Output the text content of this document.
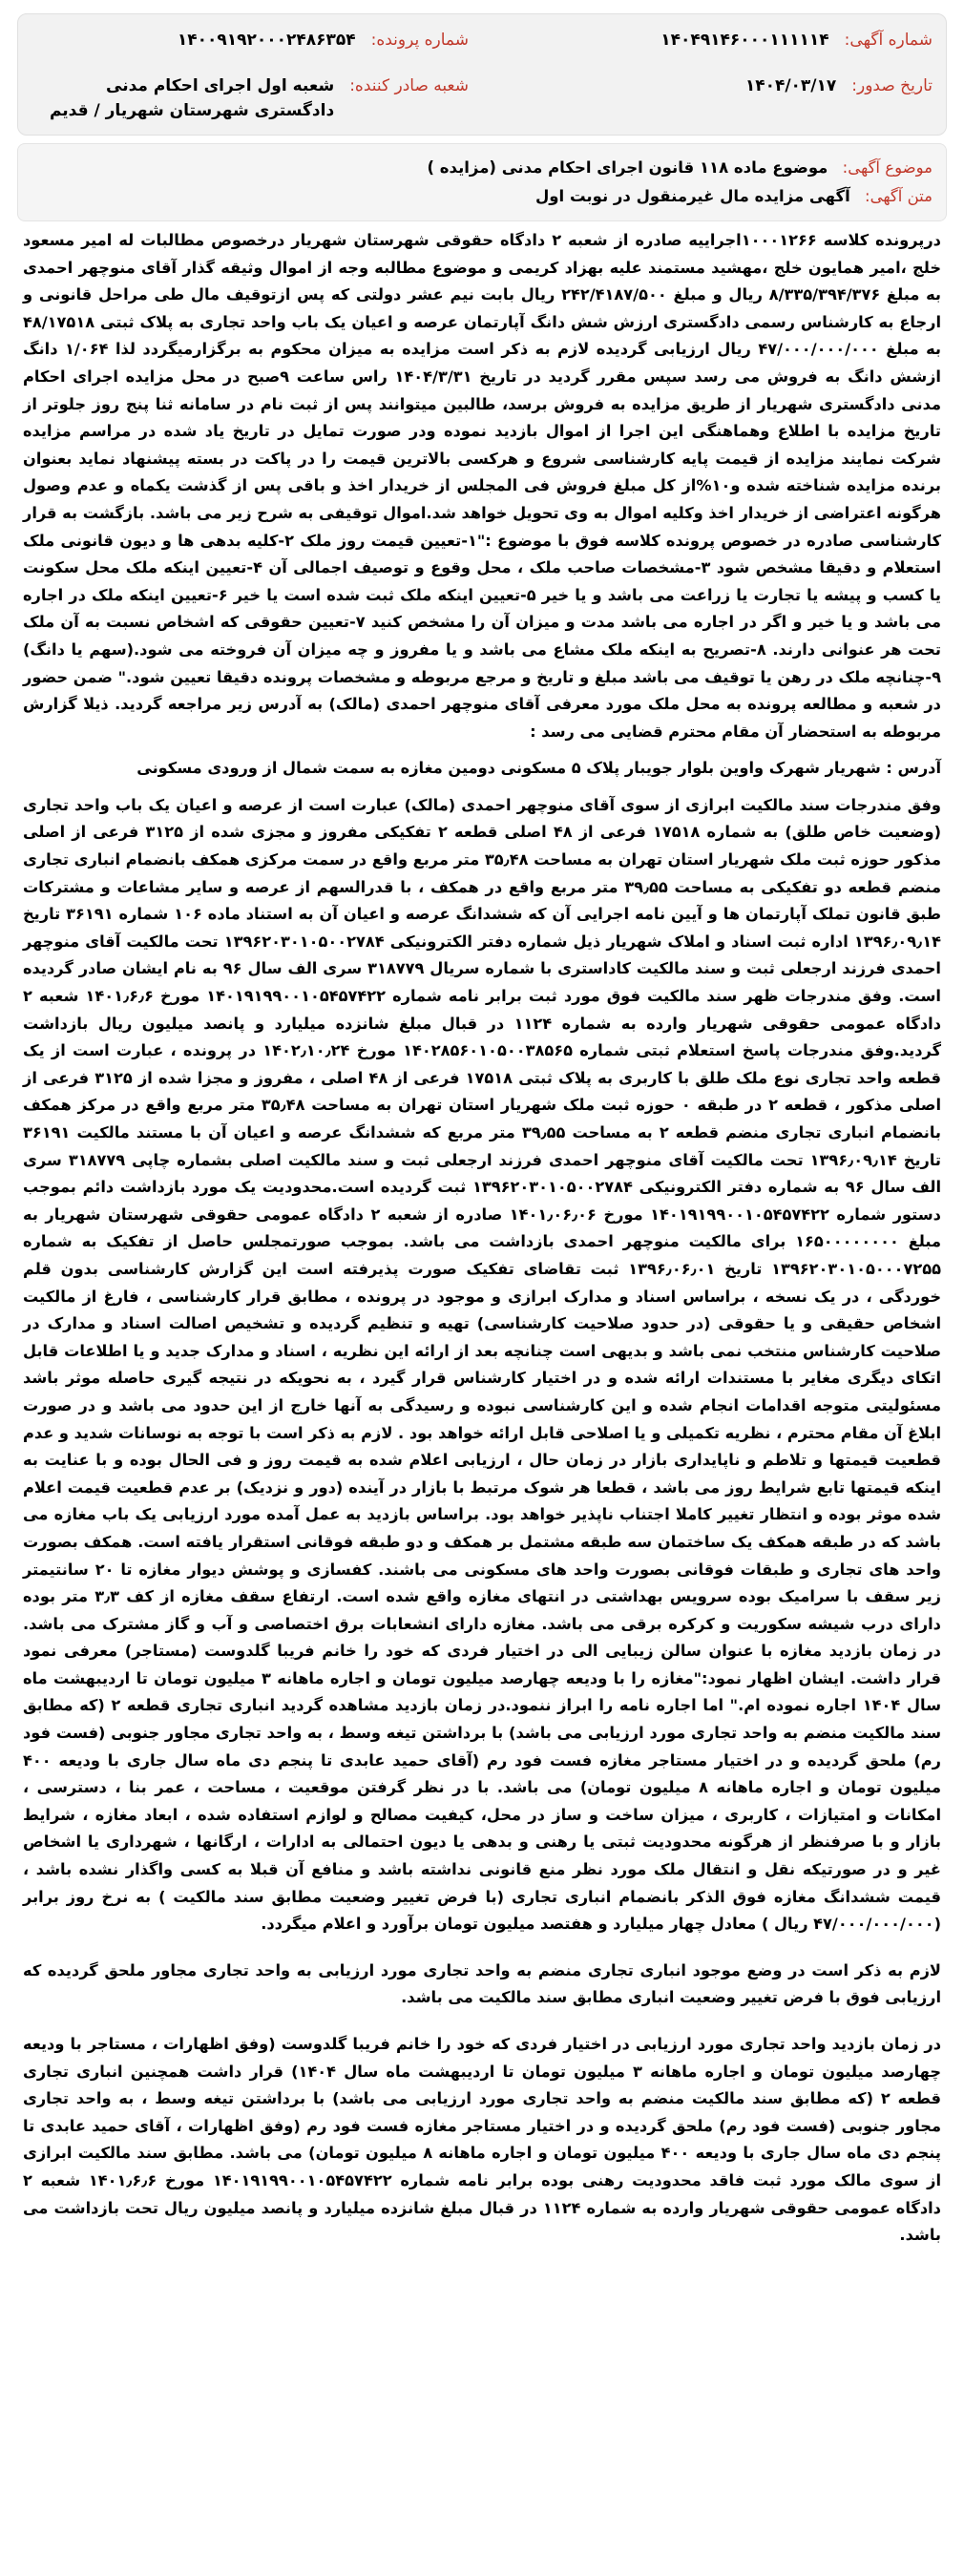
شماره آگهی:
۱۴۰۴۹۱۴۶۰۰۰۱۱۱۱۱۴
تاریخ صدور:
۱۴۰۴/۰۳/۱۷
شماره پرونده:
۱۴۰۰۹۱۹۲۰۰۰۲۴۸۶۳۵۴
شعبه صادر کننده:
شعبه اول اجرای احکام مدنی دادگستری شهرستان شهریار / قدیم
موضوع آگهی: موضوع ماده ۱۱۸ قانون اجرای احکام مدنی (مزایده )
متن آگهی: آگهی مزایده مال غیرمنقول در نوبت اول

درپرونده کلاسه ۱۰۰۰۱۲۶۶اجراییه صادره از شعبه ۲ دادگاه حقوقی شهرستان شهریار درخصوص مطالبات له امیر مسعود خلج ،امیر همایون خلج ،مهشید مستمند علیه بهزاد کریمی و موضوع مطالبه وجه از اموال وثیقه گذار آقای منوچهر احمدی به مبلغ ۸/۳۳۵/۳۹۴/۳۷۶ ریال و مبلغ ۲۴۲/۴۱۸۷/۵۰۰ ریال بابت نیم عشر دولتی که پس ازتوقیف مال طی مراحل قانونی و ارجاع به کارشناس رسمی دادگستری ارزش شش دانگ آپارتمان عرصه و اعیان یک باب واحد تجاری به پلاک ثبتی ۴۸/۱۷۵۱۸ به مبلغ ۴۷/۰۰۰/۰۰۰/۰۰۰ ریال ارزیابی گردیده لازم به ذکر است مزایده به میزان محکوم به برگزارمیگردد لذا ۱/۰۶۴ دانگ ازشش دانگ به فروش می رسد سپس مقرر گردید در تاریخ ۱۴۰۴/۳/۳۱ راس ساعت ۹صبح در محل مزایده اجرای احکام مدنی دادگستری شهریار از طریق مزایده به فروش برسد، طالبین میتوانند پس از ثبت نام در سامانه ثنا پنج روز جلوتر از تاریخ مزایده با اطلاع وهماهنگی این اجرا از اموال بازدید نموده ودر صورت تمایل در تاریخ یاد شده در مراسم مزایده شرکت نمایند مزایده از قیمت پایه کارشناسی شروع و هرکسی بالاترین قیمت را در پاکت در بسته پیشنهاد نماید بعنوان برنده مزایده شناخته شده و۱۰%از کل مبلغ فروش فی المجلس از خریدار اخذ و باقی پس از گذشت یکماه و عدم وصول هرگونه اعتراضی از خریدار اخذ وکلیه اموال به وی تحویل خواهد شد.اموال توقیفی به شرح زیر می باشد. بازگشت به قرار کارشناسی صادره در خصوص پرونده کلاسه فوق با موضوع :"۱-تعیین قیمت روز ملک ۲-کلیه بدهی ها و دیون قانونی ملک استعلام و دقیقا مشخص شود ۳-مشخصات صاحب ملک ، محل وقوع و توصیف اجمالی آن ۴-تعیین اینکه ملک محل سکونت یا کسب و پیشه یا تجارت یا زراعت می باشد و یا خیر ۵-تعیین اینکه ملک ثبت شده است یا خیر ۶-تعیین اینکه ملک در اجاره می باشد و یا خیر و اگر در اجاره می باشد مدت و میزان آن را مشخص کنید ۷-تعیین حقوقی که اشخاص نسبت به آن ملک تحت هر عنوانی دارند. ۸-تصریح به اینکه ملک مشاع می باشد و یا مفروز و چه میزان آن فروخته می شود.(سهم یا دانگ) ۹-چنانچه ملک در رهن یا توقیف می باشد مبلغ و تاریخ و مرجع مربوطه و مشخصات پرونده دقیقا تعیین شود." ضمن حضور در شعبه و مطالعه پرونده به محل ملک مورد معرفی آقای منوچهر احمدی (مالک) به آدرس زیر مراجعه گردید. ذیلا گزارش مربوطه به استحضار آن مقام محترم قضایی می رسد :

آدرس : شهریار شهرک واوین بلوار جویبار پلاک ۵ مسکونی دومین مغازه به سمت شمال از ورودی مسکونی

وفق مندرجات سند مالکیت ابرازی از سوی آقای منوچهر احمدی (مالک) عبارت است از عرصه و اعیان یک باب واحد تجاری (وضعیت خاص طلق) به شماره ۱۷۵۱۸ فرعی از ۴۸ اصلی قطعه ۲ تفکیکی مفروز و مجزی شده از ۳۱۲۵ فرعی از اصلی مذکور حوزه ثبت ملک شهریار استان تهران به مساحت ۳۵٫۴۸ متر مربع واقع در سمت مرکزی همکف بانضمام انباری تجاری منضم قطعه دو تفکیکی به مساحت ۳۹٫۵۵ متر مربع واقع در همکف ، با قدرالسهم از عرصه و سایر مشاعات و مشترکات طبق قانون تملک آپارتمان ها و آیین نامه اجرایی آن که ششدانگ عرصه و اعیان آن به استناد ماده ۱۰۶ شماره ۳۶۱۹۱ تاریخ ۱۳۹۶٫۰۹٫۱۴ اداره ثبت اسناد و املاک شهریار ذیل شماره دفتر الکترونیکی ۱۳۹۶۲۰۳۰۱۰۵۰۰۲۷۸۴ تحت مالکیت آقای منوچهر احمدی فرزند ارجعلی ثبت و سند مالکیت کاداستری با شماره سریال ۳۱۸۷۷۹ سری الف سال ۹۶ به نام ایشان صادر گردیده است. وفق مندرجات ظهر سند مالکیت فوق مورد ثبت برابر نامه شماره ۱۴۰۱۹۱۹۹۰۰۱۰۵۴۵۷۴۲۲ مورخ ۱۴۰۱٫۶٫۶ شعبه ۲ دادگاه عمومی حقوقی شهریار وارده به شماره ۱۱۲۴ در قبال مبلغ شانزده میلیارد و پانصد میلیون ریال بازداشت گردید.وفق مندرجات پاسخ استعلام ثبتی شماره ۱۴۰۲۸۵۶۰۱۰۵۰۰۳۸۵۶۵ مورخ ۱۴۰۲٫۱۰٫۲۴ در پرونده ، عبارت است از یک قطعه واحد تجاری نوع ملک طلق با کاربری به پلاک ثبتی ۱۷۵۱۸ فرعی از ۴۸ اصلی ، مفروز و مجزا شده از ۳۱۲۵ فرعی از اصلی مذکور ، قطعه ۲ در طبقه ۰ حوزه ثبت ملک شهریار استان تهران به مساحت ۳۵٫۴۸ متر مربع واقع در مرکز همکف بانضمام انباری تجاری منضم قطعه ۲ به مساحت ۳۹٫۵۵ متر مربع که ششدانگ عرصه و اعیان آن با مستند مالکیت ۳۶۱۹۱ تاریخ ۱۳۹۶٫۰۹٫۱۴ تحت مالکیت آقای منوچهر احمدی فرزند ارجعلی ثبت و سند مالکیت اصلی بشماره چاپی ۳۱۸۷۷۹ سری الف سال ۹۶ به شماره دفتر الکترونیکی ۱۳۹۶۲۰۳۰۱۰۵۰۰۲۷۸۴ ثبت گردیده است.محدودیت یک مورد بازداشت دائم بموجب دستور شماره ۱۴۰۱۹۱۹۹۰۰۱۰۵۴۵۷۴۲۲ مورخ ۱۴۰۱٫۰۶٫۰۶ صادره از شعبه ۲ دادگاه عمومی حقوقی شهرستان شهریار به مبلغ ۱۶۵۰۰۰۰۰۰۰۰ برای مالکیت منوچهر احمدی بازداشت می باشد. بموجب صورتمجلس حاصل از تفکیک به شماره ۱۳۹۶۲۰۳۰۱۰۵۰۰۰۷۲۵۵ تاریخ ۱۳۹۶٫۰۶٫۰۱ ثبت تقاضای تفکیک صورت پذیرفته است این گزارش کارشناسی بدون قلم خوردگی ، در یک نسخه ، براساس اسناد و مدارک ابرازی و موجود در پرونده ، مطابق قرار کارشناسی ، فارغ از مالکیت اشخاص حقیقی و یا حقوقی (در حدود صلاحیت کارشناسی) تهیه و تنظیم گردیده و تشخیص اصالت اسناد و مدارک در صلاحیت کارشناس منتخب نمی باشد و بدیهی است چنانچه بعد از ارائه این نظریه ، اسناد و مدارک جدید و یا اطلاعات قابل اتکای دیگری مغایر با مستندات ارائه شده و در اختیار کارشناس قرار گیرد ، به نحویکه در نتیجه گیری حاصله موثر باشد مسئولیتی متوجه اقدامات انجام شده و این کارشناسی نبوده و رسیدگی به آنها خارج از این حدود می باشد و در صورت ابلاغ آن مقام محترم ، نظریه تکمیلی و یا اصلاحی قابل ارائه خواهد بود . لازم به ذکر است با توجه به نوسانات شدید و عدم قطعیت قیمتها و تلاطم و ناپایداری بازار در زمان حال ، ارزیابی اعلام شده به قیمت روز و فی الحال بوده و با عنایت به اینکه قیمتها تابع شرایط روز می باشد ، قطعا هر شوک مرتبط با بازار در آینده (دور و نزدیک) بر عدم قطعیت قیمت اعلام شده موثر بوده و انتظار تغییر کاملا اجتناب ناپذیر خواهد بود. براساس بازدید به عمل آمده مورد ارزیابی یک باب مغازه می باشد که در طبقه همکف یک ساختمان سه طبقه مشتمل بر همکف و دو طبقه فوقانی استقرار یافته است. همکف بصورت واحد های تجاری و طبقات فوقانی بصورت واحد های مسکونی می باشند. کفسازی و پوشش دیوار مغازه تا ۲۰ سانتیمتر زیر سقف با سرامیک بوده سرویس بهداشتی در انتهای مغازه واقع شده است. ارتفاع سقف مغازه از کف ۳٫۳ متر بوده دارای درب شیشه سکوریت و کرکره برقی می باشد. مغازه دارای انشعابات برق اختصاصی و آب و گاز مشترک می باشد. در زمان بازدید مغازه با عنوان سالن زیبایی الی در اختیار فردی که خود را خانم فریبا گلدوست (مستاجر) معرفی نمود قرار داشت. ایشان اظهار نمود:"مغازه را با ودیعه چهارصد میلیون تومان و اجاره ماهانه ۳ میلیون تومان تا اردیبهشت ماه سال ۱۴۰۴ اجاره نموده ام." اما اجاره نامه را ابراز ننمود.در زمان بازدید مشاهده گردید انباری تجاری قطعه ۲ (که مطابق سند مالکیت منضم به واحد تجاری مورد ارزیابی می باشد) با برداشتن تیغه وسط ، به واحد تجاری مجاور جنوبی (فست فود رم) ملحق گردیده و در اختیار مستاجر مغازه فست فود رم (آقای حمید عابدی تا پنجم دی ماه سال جاری با ودیعه ۴۰۰ میلیون تومان و اجاره ماهانه ۸ میلیون تومان) می باشد. با در نظر گرفتن موقعیت ، مساحت ، عمر بنا ، دسترسی ، امکانات و امتیازات ، کاربری ، میزان ساخت و ساز در محل، کیفیت مصالح و لوازم استفاده شده ، ابعاد مغازه ، شرایط بازار و با صرفنظر از هرگونه محدودیت ثبتی یا رهنی و بدهی یا دیون احتمالی به ادارات ، ارگانها ، شهرداری یا اشخاص غیر و در صورتیکه نقل و انتقال ملک مورد نظر منع قانونی نداشته باشد و منافع آن قبلا به کسی واگذار نشده باشد ، قیمت ششدانگ مغازه فوق الذکر بانضمام انباری تجاری (با فرض تغییر وضعیت مطابق سند مالکیت ) به نرخ روز برابر (۴۷/۰۰۰/۰۰۰/۰۰۰ ریال ) معادل چهار میلیارد و هفتصد میلیون تومان برآورد و اعلام میگردد.

لازم به ذکر است در وضع موجود انباری تجاری منضم به واحد تجاری مورد ارزیابی به واحد تجاری مجاور ملحق گردیده که ارزیابی فوق با فرض تغییر وضعیت انباری مطابق سند مالکیت می باشد.

در زمان بازدید واحد تجاری مورد ارزیابی در اختیار فردی که خود را خانم فریبا گلدوست (وفق اظهارات ، مستاجر با ودیعه چهارصد میلیون تومان و اجاره ماهانه ۳ میلیون تومان تا اردیبهشت ماه سال ۱۴۰۴) قرار داشت همچنین انباری تجاری قطعه ۲ (که مطابق سند مالکیت منضم به واحد تجاری مورد ارزیابی می باشد) با برداشتن تیغه وسط ، به واحد تجاری مجاور جنوبی (فست فود رم) ملحق گردیده و در اختیار مستاجر مغازه فست فود رم (وفق اظهارات ، آقای حمید عابدی تا پنجم دی ماه سال جاری با ودیعه ۴۰۰ میلیون تومان و اجاره ماهانه ۸ میلیون تومان) می باشد. مطابق سند مالکیت ابرازی از سوی مالک مورد ثبت فاقد محدودیت رهنی بوده برابر نامه شماره ۱۴۰۱۹۱۹۹۰۰۱۰۵۴۵۷۴۲۲ مورخ ۱۴۰۱٫۶٫۶ شعبه ۲ دادگاه عمومی حقوقی شهریار وارده به شماره ۱۱۲۴ در قبال مبلغ شانزده میلیارد و پانصد میلیون ریال تحت بازداشت می باشد.
